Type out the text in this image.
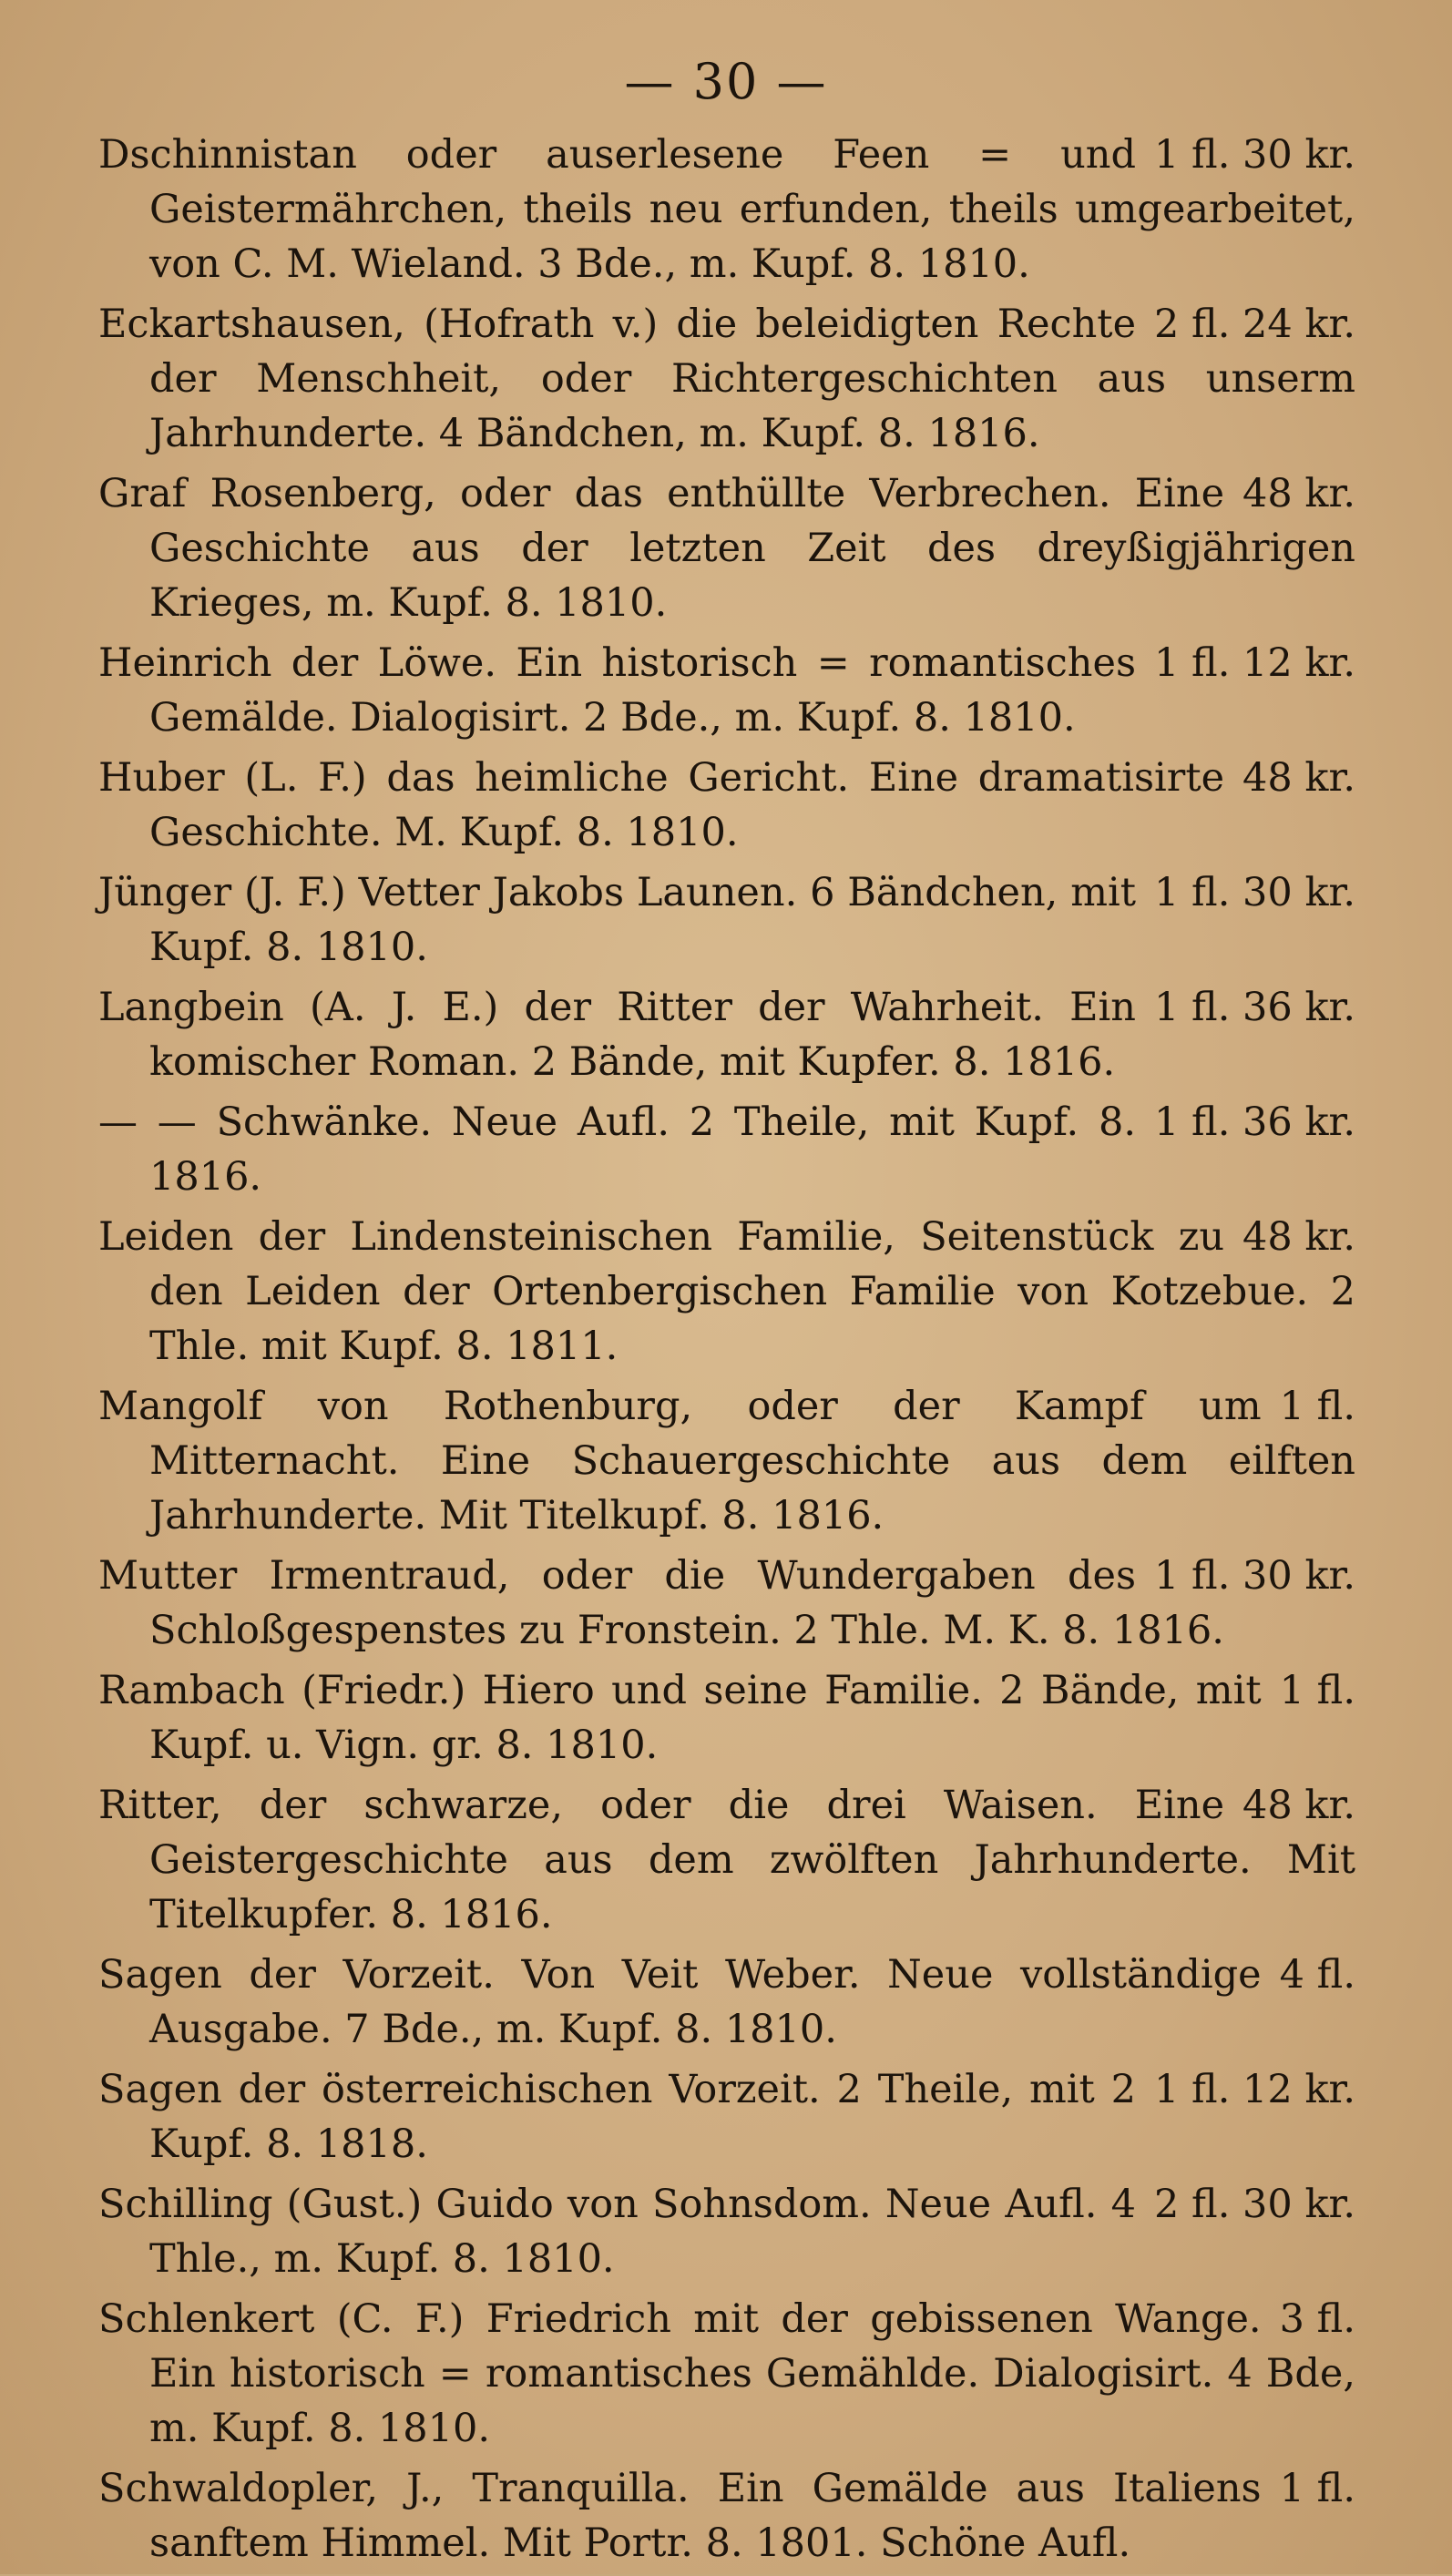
— 30 —
1 fl. 30 kr.
Dschinnistan oder auserlesene Feen = und Geistermährchen, theils neu erfunden, theils umgearbeitet, von C. M. Wieland. 3 Bde., m. Kupf. 8. 1810.
2 fl. 24 kr.
Eckartshausen, (Hofrath v.) die beleidigten Rechte der Menschheit, oder Richtergeschichten aus unserm Jahrhunderte. 4 Bändchen, m. Kupf. 8. 1816.
48 kr.
Graf Rosenberg, oder das enthüllte Verbrechen. Eine Geschichte aus der letzten Zeit des dreyßigjährigen Krieges, m. Kupf. 8. 1810.
1 fl. 12 kr.
Heinrich der Löwe. Ein historisch = romantisches Gemälde. Dialogisirt. 2 Bde., m. Kupf. 8. 1810.
48 kr.
Huber (L. F.) das heimliche Gericht. Eine dramatisirte Geschichte. M. Kupf. 8. 1810.
1 fl. 30 kr.
Jünger (J. F.) Vetter Jakobs Launen. 6 Bändchen, mit Kupf. 8. 1810.
1 fl. 36 kr.
Langbein (A. J. E.) der Ritter der Wahrheit. Ein komischer Roman. 2 Bände, mit Kupfer. 8. 1816.
1 fl. 36 kr.
— — Schwänke. Neue Aufl. 2 Theile, mit Kupf. 8. 1816.
48 kr.
Leiden der Lindensteinischen Familie, Seitenstück zu den Leiden der Ortenbergischen Familie von Kotzebue. 2 Thle. mit Kupf. 8. 1811.
1 fl.
Mangolf von Rothenburg, oder der Kampf um Mitternacht. Eine Schauergeschichte aus dem eilften Jahrhunderte. Mit Titelkupf. 8. 1816.
1 fl. 30 kr.
Mutter Irmentraud, oder die Wundergaben des Schloßgespenstes zu Fronstein. 2 Thle. M. K. 8. 1816.
1 fl.
Rambach (Friedr.) Hiero und seine Familie. 2 Bände, mit Kupf. u. Vign. gr. 8. 1810.
48 kr.
Ritter, der schwarze, oder die drei Waisen. Eine Geistergeschichte aus dem zwölften Jahrhunderte. Mit Titelkupfer. 8. 1816.
4 fl.
Sagen der Vorzeit. Von Veit Weber. Neue vollständige Ausgabe. 7 Bde., m. Kupf. 8. 1810.
1 fl. 12 kr.
Sagen der österreichischen Vorzeit. 2 Theile, mit 2 Kupf. 8. 1818.
2 fl. 30 kr.
Schilling (Gust.) Guido von Sohnsdom. Neue Aufl. 4 Thle., m. Kupf. 8. 1810.
3 fl.
Schlenkert (C. F.) Friedrich mit der gebissenen Wange. Ein historisch = romantisches Gemählde. Dialogisirt. 4 Bde, m. Kupf. 8. 1810.
1 fl.
Schwaldopler, J., Tranquilla. Ein Gemälde aus Italiens sanftem Himmel. Mit Portr. 8. 1801. Schöne Aufl.
